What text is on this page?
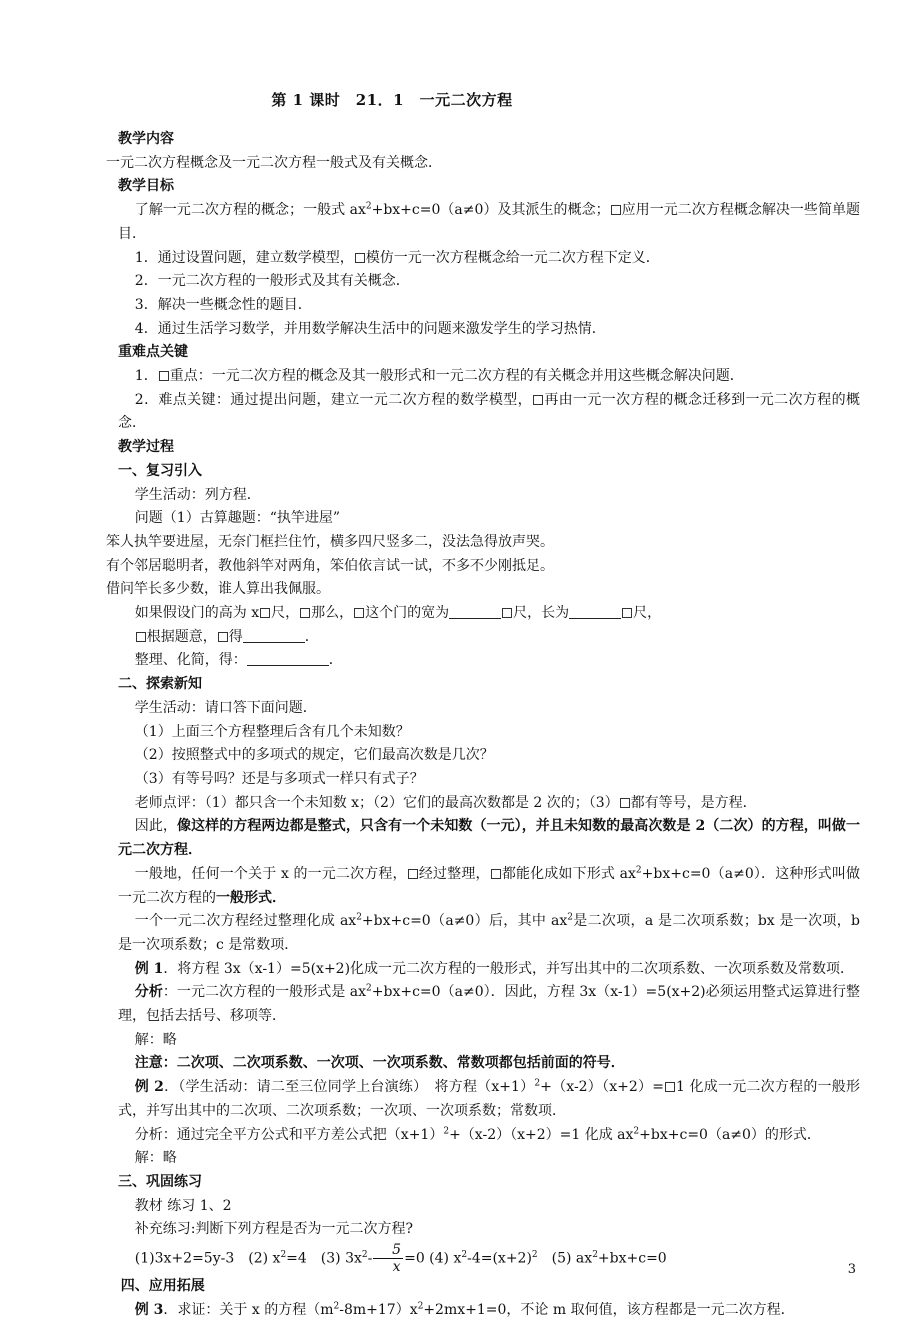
第 1 课时　21．1　一元二次方程

教学内容

一元二次方程概念及一元二次方程一般式及有关概念．

教学目标

了解一元二次方程的概念；一般式 $ax^2+bx+c=0(a\ne 0)$及其派生的概念； 应用一元二次方程概念解决一些简单题目．

1．通过设置问题，建立数学模型， 模仿一元一次方程概念给一元二次方程下定义．

2．一元二次方程的一般形式及其有关概念．

3．解决一些概念性的题目．

4．通过生活学习数学，并用数学解决生活中的问题来激发学生的学习热情．

重难点关键

1． 重点：一元二次方程的概念及其一般形式和一元二次方程的有关概念并用这些概念解决问题．

2．难点关键：通过提出问题，建立一元二次方程的数学模型， 再由一元一次方程的概念迁移到一元二次方程的概念．

教学过程

一、复习引入

学生活动：列方程．

问题（1）古算趣题：“执竿进屋”

笨人执竿要进屋，无奈门框拦住竹，横多四尺竖多二，没法急得放声哭。

有个邻居聪明者，教他斜竿对两角，笨伯依言试一试，不多不少刚抵足。

借问竿长多少数，谁人算出我佩服。

如果假设门的高为 x 尺， 那么， 这个门的宽为	尺，长为	尺，

根据题意， 得	．

整理、化简，得：	．

二、探索新知

学生活动：请口答下面问题．

（1）上面三个方程整理后含有几个未知数？

（2）按照整式中的多项式的规定，它们最高次数是几次？

（3）有等号吗？还是与多项式一样只有式子？

老师点评：（1）都只含一个未知数 x；（2）它们的最高次数都是 2 次的；（3） 都有等号，是方程．

因此，像这样的方程两边都是整式，只含有一个未知数（一元），并且未知数的最高次数是 2（二次）的方程，叫做一元二次方程．

一般地，任何一个关于 x 的一元二次方程， 经过整理， 都能化成如下形式 $ax^2+bx+c=0(a\ne 0)$．这种形式叫做一元二次方程的一般形式．

一个一元二次方程经过整理化成 $ax^2+bx+c=0(a\ne 0)$后，其中 $ax^2$是二次项，a 是二次项系数；bx 是一次项，b 是一次项系数；c 是常数项．

例 1．将方程 3x（x-1）=5(x+2)化成一元二次方程的一般形式，并写出其中的二次项系数、一次项系数及常数项．

分析：一元二次方程的一般形式是 $ax^2+bx+c=0(a\ne 0)$．因此，方程 3x（x-1）=5(x+2)必须运用整式运算进行整理，包括去括号、移项等．

解：略

注意：二次项、二次项系数、一次项、一次项系数、常数项都包括前面的符号．

例 2．（学生活动：请二至三位同学上台演练）　将方程$(x+1)^2+(x-2)(x+2)= 1$ 化成一元二次方程的一般形式，并写出其中的二次项、二次项系数；一次项、一次项系数；常数项．

分析：通过完全平方公式和平方差公式把$(x+1)^2+(x-2)(x+2)=1$ 化成 $ax^2+bx+c=0(a\ne 0)$的形式．

解：略

三、巩固练习

教材 练习 1、2

补充练习:判断下列方程是否为一元二次方程?

(1)3x+2=5y-3　(2) $x^2=4$　(3) $3x^2- \frac{5}{x} =0$ (4) $x^2-4=(x+2)^2$　(5) $ax^2+bx+c=0$

四、应用拓展

例 3．求证：关于 x 的方程$(m^2-8m+17)x^2+2mx+1=0$，不论 m 取何值，该方程都是一元二次方程．

3
